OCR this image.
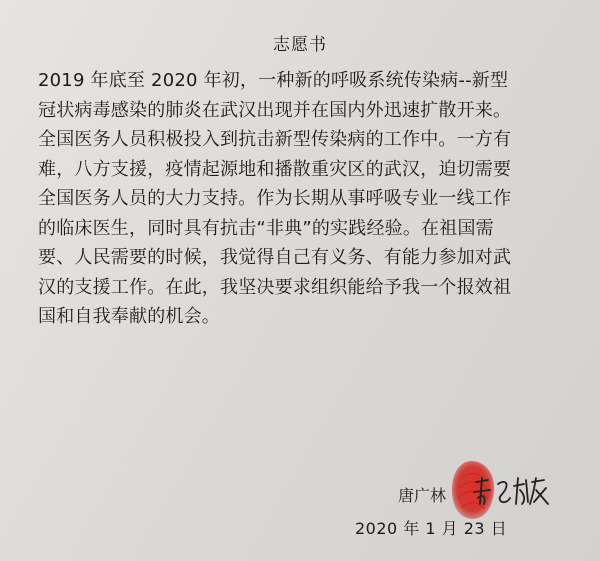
志愿书
2019 年底至 2020 年初，一种新的呼吸系统传染病--新型
冠状病毒感染的肺炎在武汉出现并在国内外迅速扩散开来。
全国医务人员积极投入到抗击新型传染病的工作中。一方有
难，八方支援，疫情起源地和播散重灾区的武汉，迫切需要
全国医务人员的大力支持。作为长期从事呼吸专业一线工作
的临床医生，同时具有抗击“非典”的实践经验。在祖国需
要、人民需要的时候，我觉得自己有义务、有能力参加对武
汉的支援工作。在此，我坚决要求组织能给予我一个报效祖
国和自我奉献的机会。
唐广林
2020 年 1 月 23 日
